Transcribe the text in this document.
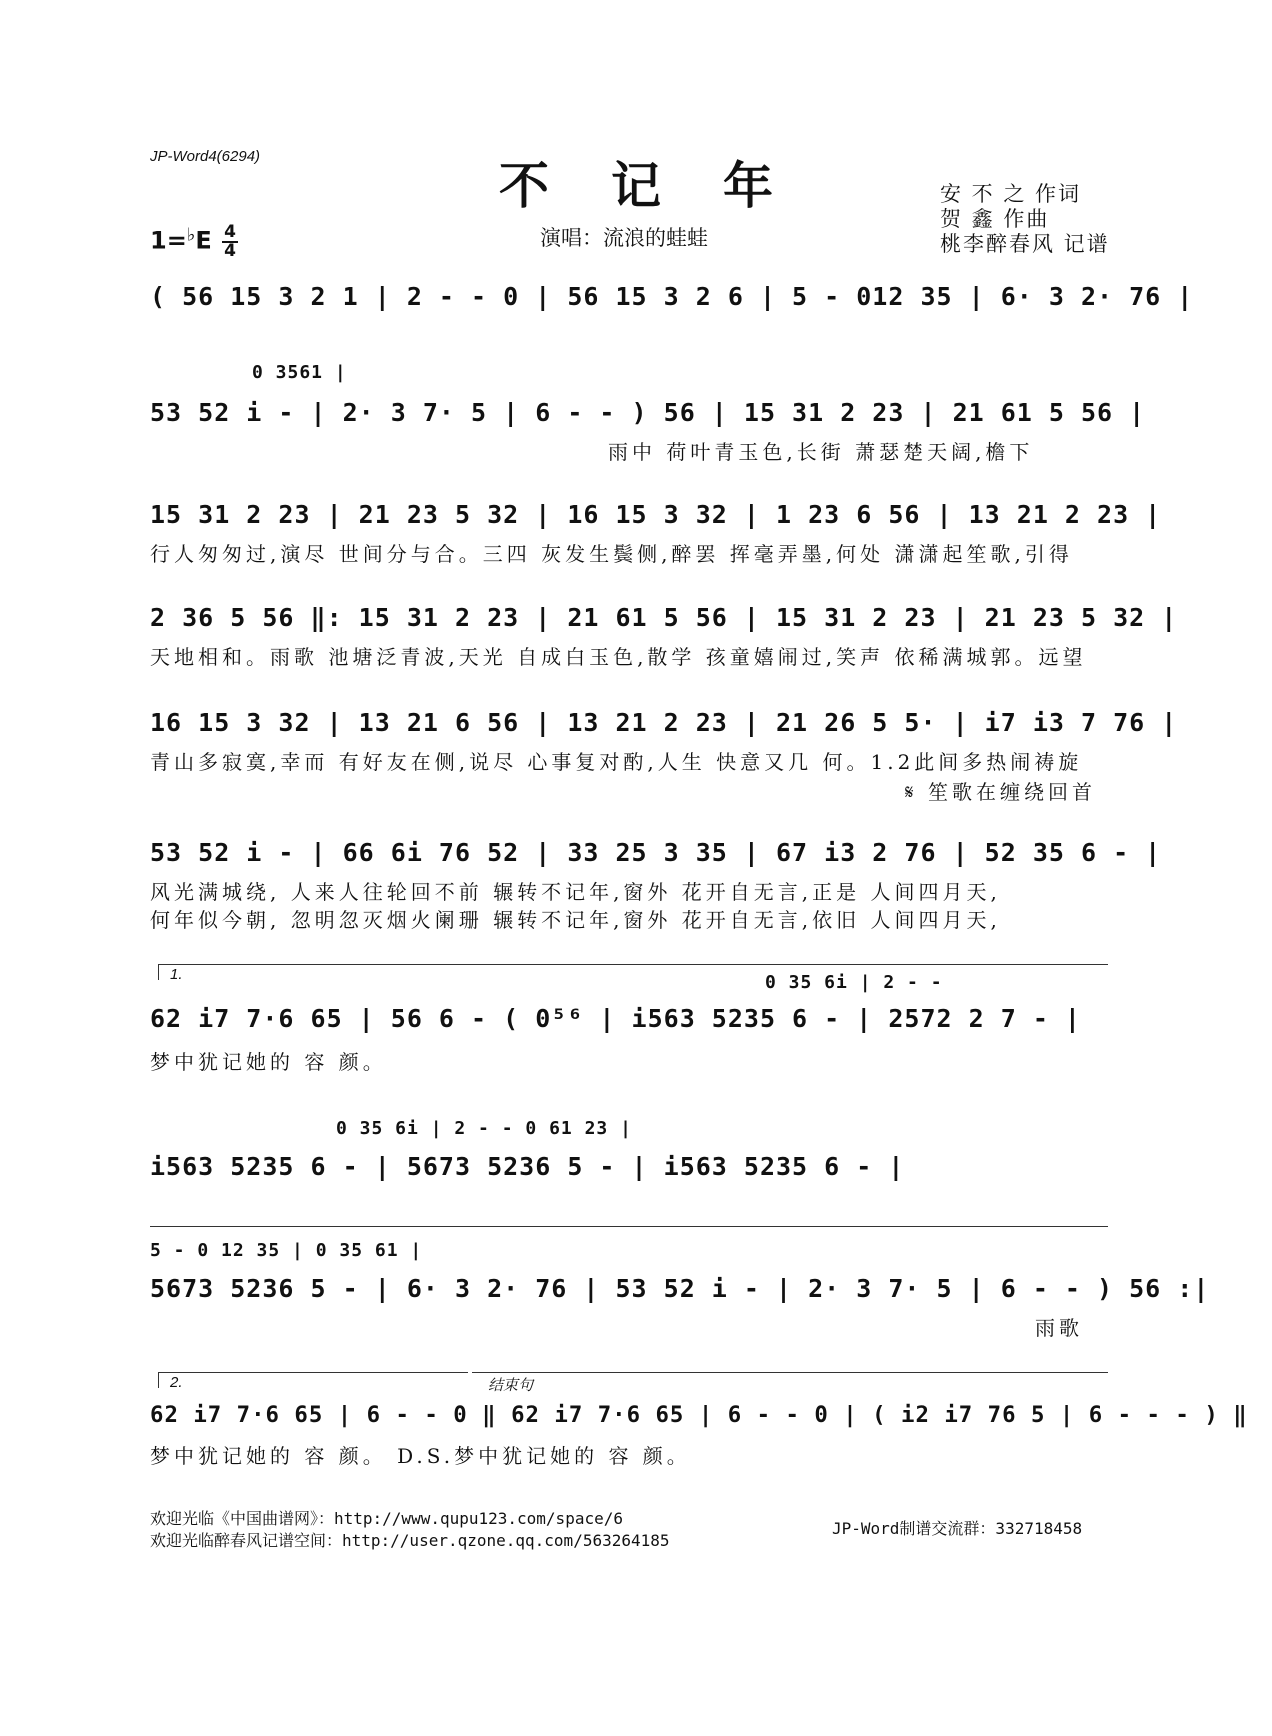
JP-Word4(6294)	不记年	安 不 之 作词
贺 鑫 作曲
桃李醉春风 记谱
$1=^♭E \frac{4}{4}$	演唱：流浪的蛙蛙
( 56 15 3 2 1 | 2 - - 0 | 56 15 3 2 6 | 5 - 012 35 | 6· 3 2· 76 |
0 3561 |
53 52 i - | 2· 3 7· 5 | 6 - - ) 56 | 15 31 2 23 | 21 61 5 56 |
雨中 荷叶青玉色,长街 萧瑟楚天阔,檐下
15 31 2 23 | 21 23 5 32 | 16 15 3 32 | 1 23 6 56 | 13 21 2 23 |
行人匆匆过,演尽 世间分与合。三四 灰发生鬓侧,醉罢 挥毫弄墨,何处 潇潇起笙歌,引得
2 36 5 56 ‖: 15 31 2 23 | 21 61 5 56 | 15 31 2 23 | 21 23 5 32 |
天地相和。雨歌 池塘泛青波,天光 自成白玉色,散学 孩童嬉闹过,笑声 依稀满城郭。远望
16 15 3 32 | 13 21 6 56 | 13 21 2 23 | 21 26 5 5· | i7 i3 7 76 |
青山多寂寞,幸而 有好友在侧,说尽 心事复对酌,人生 快意又几 何。1.2此间多热闹祷旋
𝄋 笙歌在缠绕回首
53 52 i - | 66 6i 76 52 | 33 25 3 35 | 67 i3 2 76 | 52 35 6 - |
风光满城绕, 人来人往轮回不前 辗转不记年,窗外 花开自无言,正是 人间四月天,
何年似今朝, 忽明忽灭烟火阑珊 辗转不记年,窗外 花开自无言,依旧 人间四月天,
1.	0 35 6i | 2 - -
62 i7 7·6 65 | 56 6 - ( 0⁵⁶ | i563 5235 6 - | 2572 2 7 - |
梦中犹记她的 容 颜。
0 35 6i | 2 - - 0 61 23 |
i563 5235 6 - | 5673 5236 5 - | i563 5235 6 - |
5 - 0 12 35 | 0 35 61 |
5673 5236 5 - | 6· 3 2· 76 | 53 52 i - | 2· 3 7· 5 | 6 - - ) 56 :|
雨歌
2.	结束句
62 i7 7·6 65 | 6 - - 0 ‖ 62 i7 7·6 65 | 6 - - 0 | ( i2 i7 76 5 | 6 - - - ) ‖
梦中犹记她的 容 颜。 D.S.梦中犹记她的 容 颜。
欢迎光临《中国曲谱网》：http://www.qupu123.com/space/6
欢迎光临醉春风记谱空间：http://user.qzone.qq.com/563264185
JP-Word制谱交流群：332718458
